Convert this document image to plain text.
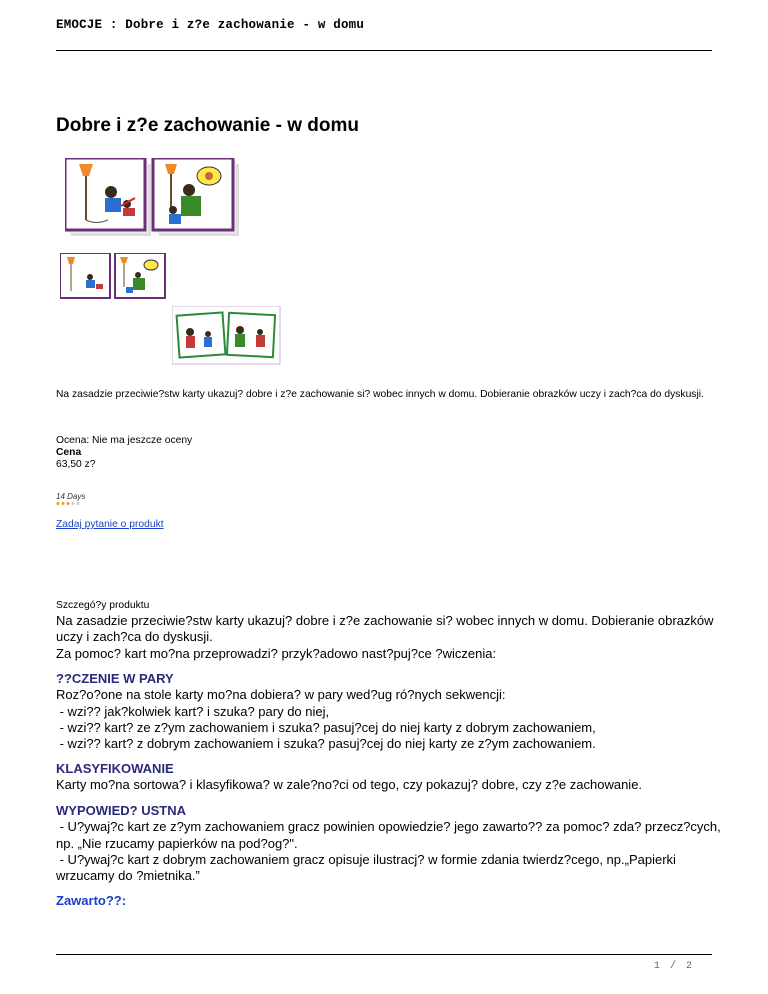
EMOCJE : Dobre i z?e zachowanie - w domu
Dobre i z?e zachowanie - w domu
Na zasadzie przeciwie?stw karty ukazuj? dobre i z?e zachowanie si? wobec innych w domu. Dobieranie obrazków uczy i zach?ca do dyskusji.
Ocena: Nie ma jeszcze oceny
Cena
63,50 z?
14 Days
Zadaj pytanie o produkt
Szczegó?y produktu
Na zasadzie przeciwie?stw karty ukazuj? dobre i z?e zachowanie si? wobec innych w domu. Dobieranie obrazków
uczy i zach?ca do dyskusji.
Za pomoc? kart mo?na przeprowadzi? przyk?adowo nast?puj?ce ?wiczenia:
??CZENIE W PARY
Roz?o?one na stole karty mo?na dobiera? w pary wed?ug ró?nych sekwencji:
- wzi?? jak?kolwiek kart? i szuka? pary do niej,
- wzi?? kart? ze z?ym zachowaniem i szuka? pasuj?cej do niej karty z dobrym zachowaniem,
- wzi?? kart? z dobrym zachowaniem i szuka? pasuj?cej do niej karty ze z?ym zachowaniem.
KLASYFIKOWANIE
Karty mo?na sortowa? i klasyfikowa? w zale?no?ci od tego, czy pokazuj? dobre, czy z?e zachowanie.
WYPOWIED? USTNA
- U?ywaj?c kart ze z?ym zachowaniem gracz powinien opowiedzie? jego zawarto?? za pomoc? zda? przecz?cych,
np. „Nie rzucamy papierków na pod?og?".
- U?ywaj?c kart z dobrym zachowaniem gracz opisuje ilustracj? w formie zdania twierdz?cego, np.„Papierki
wrzucamy do ?mietnika.”
Zawarto??:
1 / 2
